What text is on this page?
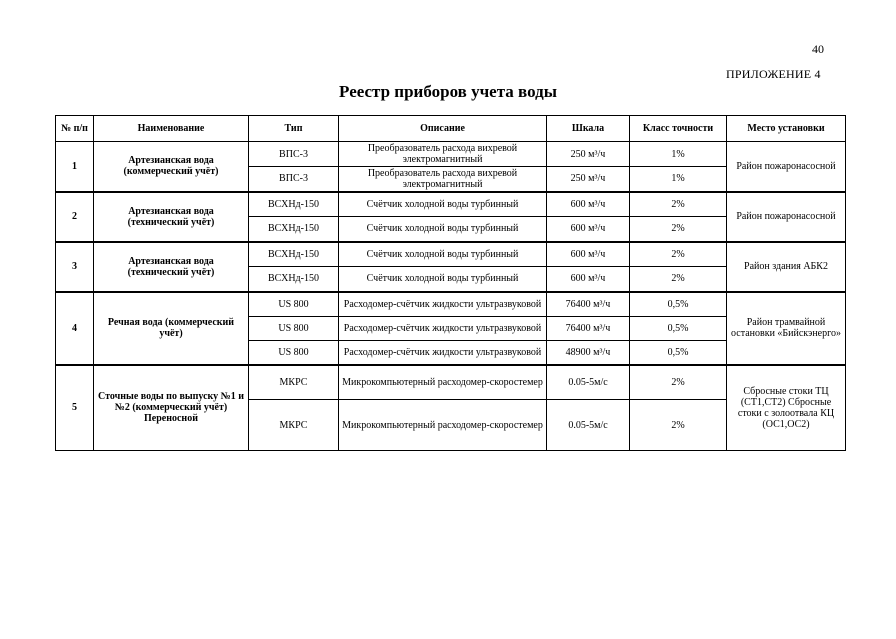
40
ПРИЛОЖЕНИЕ 4
Реестр приборов учета воды
№ п/п	Наименование	Тип	Описание	Шкала	Класс точности	Место установки
1	Артезианская вода (коммерческий учёт)	ВПС-3	Преобразователь расхода вихревой электромагнитный	250 м³/ч	1%	Район пожаронасосной
		ВПС-3	Преобразователь расхода вихревой электромагнитный	250 м³/ч	1%	
2	Артезианская вода (технический учёт)	ВСХНд-150	Счётчик холодной воды турбинный	600 м³/ч	2%	Район пожаронасосной
		ВСХНд-150	Счётчик холодной воды турбинный	600 м³/ч	2%	
3	Артезианская вода (технический учёт)	ВСХНд-150	Счётчик холодной воды турбинный	600 м³/ч	2%	Район здания АБК2
		ВСХНд-150	Счётчик холодной воды турбинный	600 м³/ч	2%	
4	Речная вода (коммерческий учёт)	US 800	Расходомер-счётчик жидкости ультразвуковой	76400 м³/ч	0,5%	Район трамвайной остановки «Бийскэнерго»
		US 800	Расходомер-счётчик жидкости ультразвуковой	76400 м³/ч	0,5%	
		US 800	Расходомер-счётчик жидкости ультразвуковой	48900 м³/ч	0,5%	
5	Сточные воды по выпуску №1 и №2 (коммерческий учёт) Переносной	МКРС	Микрокомпьютерный расходомер-скоростемер	0.05-5м/с	2%	Сбросные стоки ТЦ (СТ1,СТ2) Сбросные стоки с золоотвала КЦ (ОС1,ОС2)
		МКРС	Микрокомпьютерный расходомер-скоростемер	0.05-5м/с	2%	
